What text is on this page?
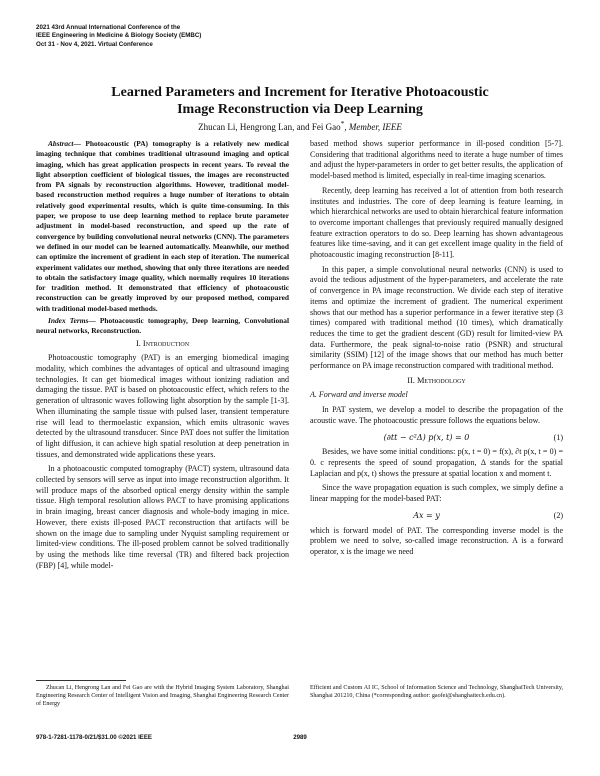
2021 43rd Annual International Conference of the
IEEE Engineering in Medicine & Biology Society (EMBC)
Oct 31 - Nov 4, 2021. Virtual Conference
Learned Parameters and Increment for Iterative Photoacoustic
Image Reconstruction via Deep Learning
Zhucan Li, Hengrong Lan, and Fei Gao*, Member, IEEE
Abstract— Photoacoustic (PA) tomography is a relatively new medical imaging technique that combines traditional ultrasound imaging and optical imaging, which has great application prospects in recent years. To reveal the light absorption coefficient of biological tissues, the images are reconstructed from PA signals by reconstruction algorithms. However, traditional model-based reconstruction method requires a huge number of iterations to obtain relatively good experimental results, which is quite time-consuming. In this paper, we propose to use deep learning method to replace brute parameter adjustment in model-based reconstruction, and speed up the rate of convergence by building convolutional neural networks (CNN). The parameters we defined in our model can be learned automatically. Meanwhile, our method can optimize the increment of gradient in each step of iteration. The numerical experiment validates our method, showing that only three iterations are needed to obtain the satisfactory image quality, which normally requires 10 iterations for tradition method. It demonstrated that efficiency of photoacoustic reconstruction can be greatly improved by our proposed method, compared with traditional model-based methods.
Index Terms— Photoacoustic tomography, Deep learning, Convolutional neural networks, Reconstruction.

I. Introduction

Photoacoustic tomography (PAT) is an emerging biomedical imaging modality, which combines the advantages of optical and ultrasound imaging technologies. It can get biomedical images without ionizing radiation and damaging the tissue. PAT is based on photoacoustic effect, which refers to the generation of ultrasonic waves following light absorption by the sample [1-3]. When illuminating the sample tissue with pulsed laser, transient temperature rise will lead to thermoelastic expansion, which emits ultrasonic waves detected by the ultrasound transducer. Since PAT does not suffer the limitation of light diffusion, it can achieve high spatial resolution at deep penetration in tissues, and demonstrated wide applications these years.

In a photoacoustic computed tomography (PACT) system, ultrasound data collected by sensors will serve as input into image reconstruction algorithm. It will produce maps of the absorbed optical energy density within the sample tissue. High temporal resolution allows PACT to have promising applications in brain imaging, breast cancer diagnosis and whole-body imaging in mice. However, there exists ill-posed PACT reconstruction that artifacts will be shown on the image due to sampling under Nyquist sampling requirement or limited-view conditions. The ill-posed problem cannot be solved traditionally by using the methods like time reversal (TR) and filtered back projection (FBP) [4], while model-

based method shows superior performance in ill-posed condition [5-7]. Considering that traditional algorithms need to iterate a huge number of times and adjust the hyper-parameters in order to get better results, the application of model-based method is limited, especially in real-time imaging scenarios.

Recently, deep learning has received a lot of attention from both research institutes and industries. The core of deep learning is feature learning, in which hierarchical networks are used to obtain hierarchical feature information to overcome important challenges that previously required manually designed feature extraction operators to do so. Deep learning has shown advantageous features like time-saving, and it can get excellent image quality in the field of photoacoustic imaging reconstruction [8-11].

In this paper, a simple convolutional neural networks (CNN) is used to avoid the tedious adjustment of the hyper-parameters, and accelerate the rate of convergence in PA image reconstruction. We divide each step of iterative items and optimize the increment of gradient. The numerical experiment shows that our method has a superior performance in a fewer iterative step (3 times) compared with traditional method (10 times), which dramatically reduces the time to get the gradient descent (GD) result for limited-view PA data. Furthermore, the peak signal-to-noise ratio (PSNR) and structural similarity (SSIM) [12] of the image shows that our method has much better performance on PA image reconstruction compared with traditional method.

II. Methodology

A. Forward and inverse model

In PAT system, we develop a model to describe the propagation of the acoustic wave. The photoacoustic pressure follows the equations below.

(∂tt − c²Δ) p(x, t) = 0	(1)

Besides, we have some initial conditions: p(x, t = 0) = f(x), ∂t p(x, t = 0) = 0. c represents the speed of sound propagation, Δ stands for the spatial Laplacian and p(x, t) shows the pressure at spatial location x and moment t.

Since the wave propagation equation is such complex, we simply define a linear mapping for the model-based PAT:

Ax = y	(2)

which is forward model of PAT. The corresponding inverse model is the problem we need to solve, so-called image reconstruction. A is a forward operator, x is the image we need

Zhucan Li, Hengrong Lan and Fei Gao are with the Hybrid Imaging System Laboratory, Shanghai Engineering Research Center of Intelligent Vision and Imaging, Shanghai Engineering Research Center of Energy
Efficient and Custom AI IC, School of Information Science and Technology, ShanghaiTech University, Shanghai 201210, China (*corresponding author: gaofei@shanghaitech.edu.cn).
978-1-7281-1178-0/21/$31.00 ©2021 IEEE	2989
